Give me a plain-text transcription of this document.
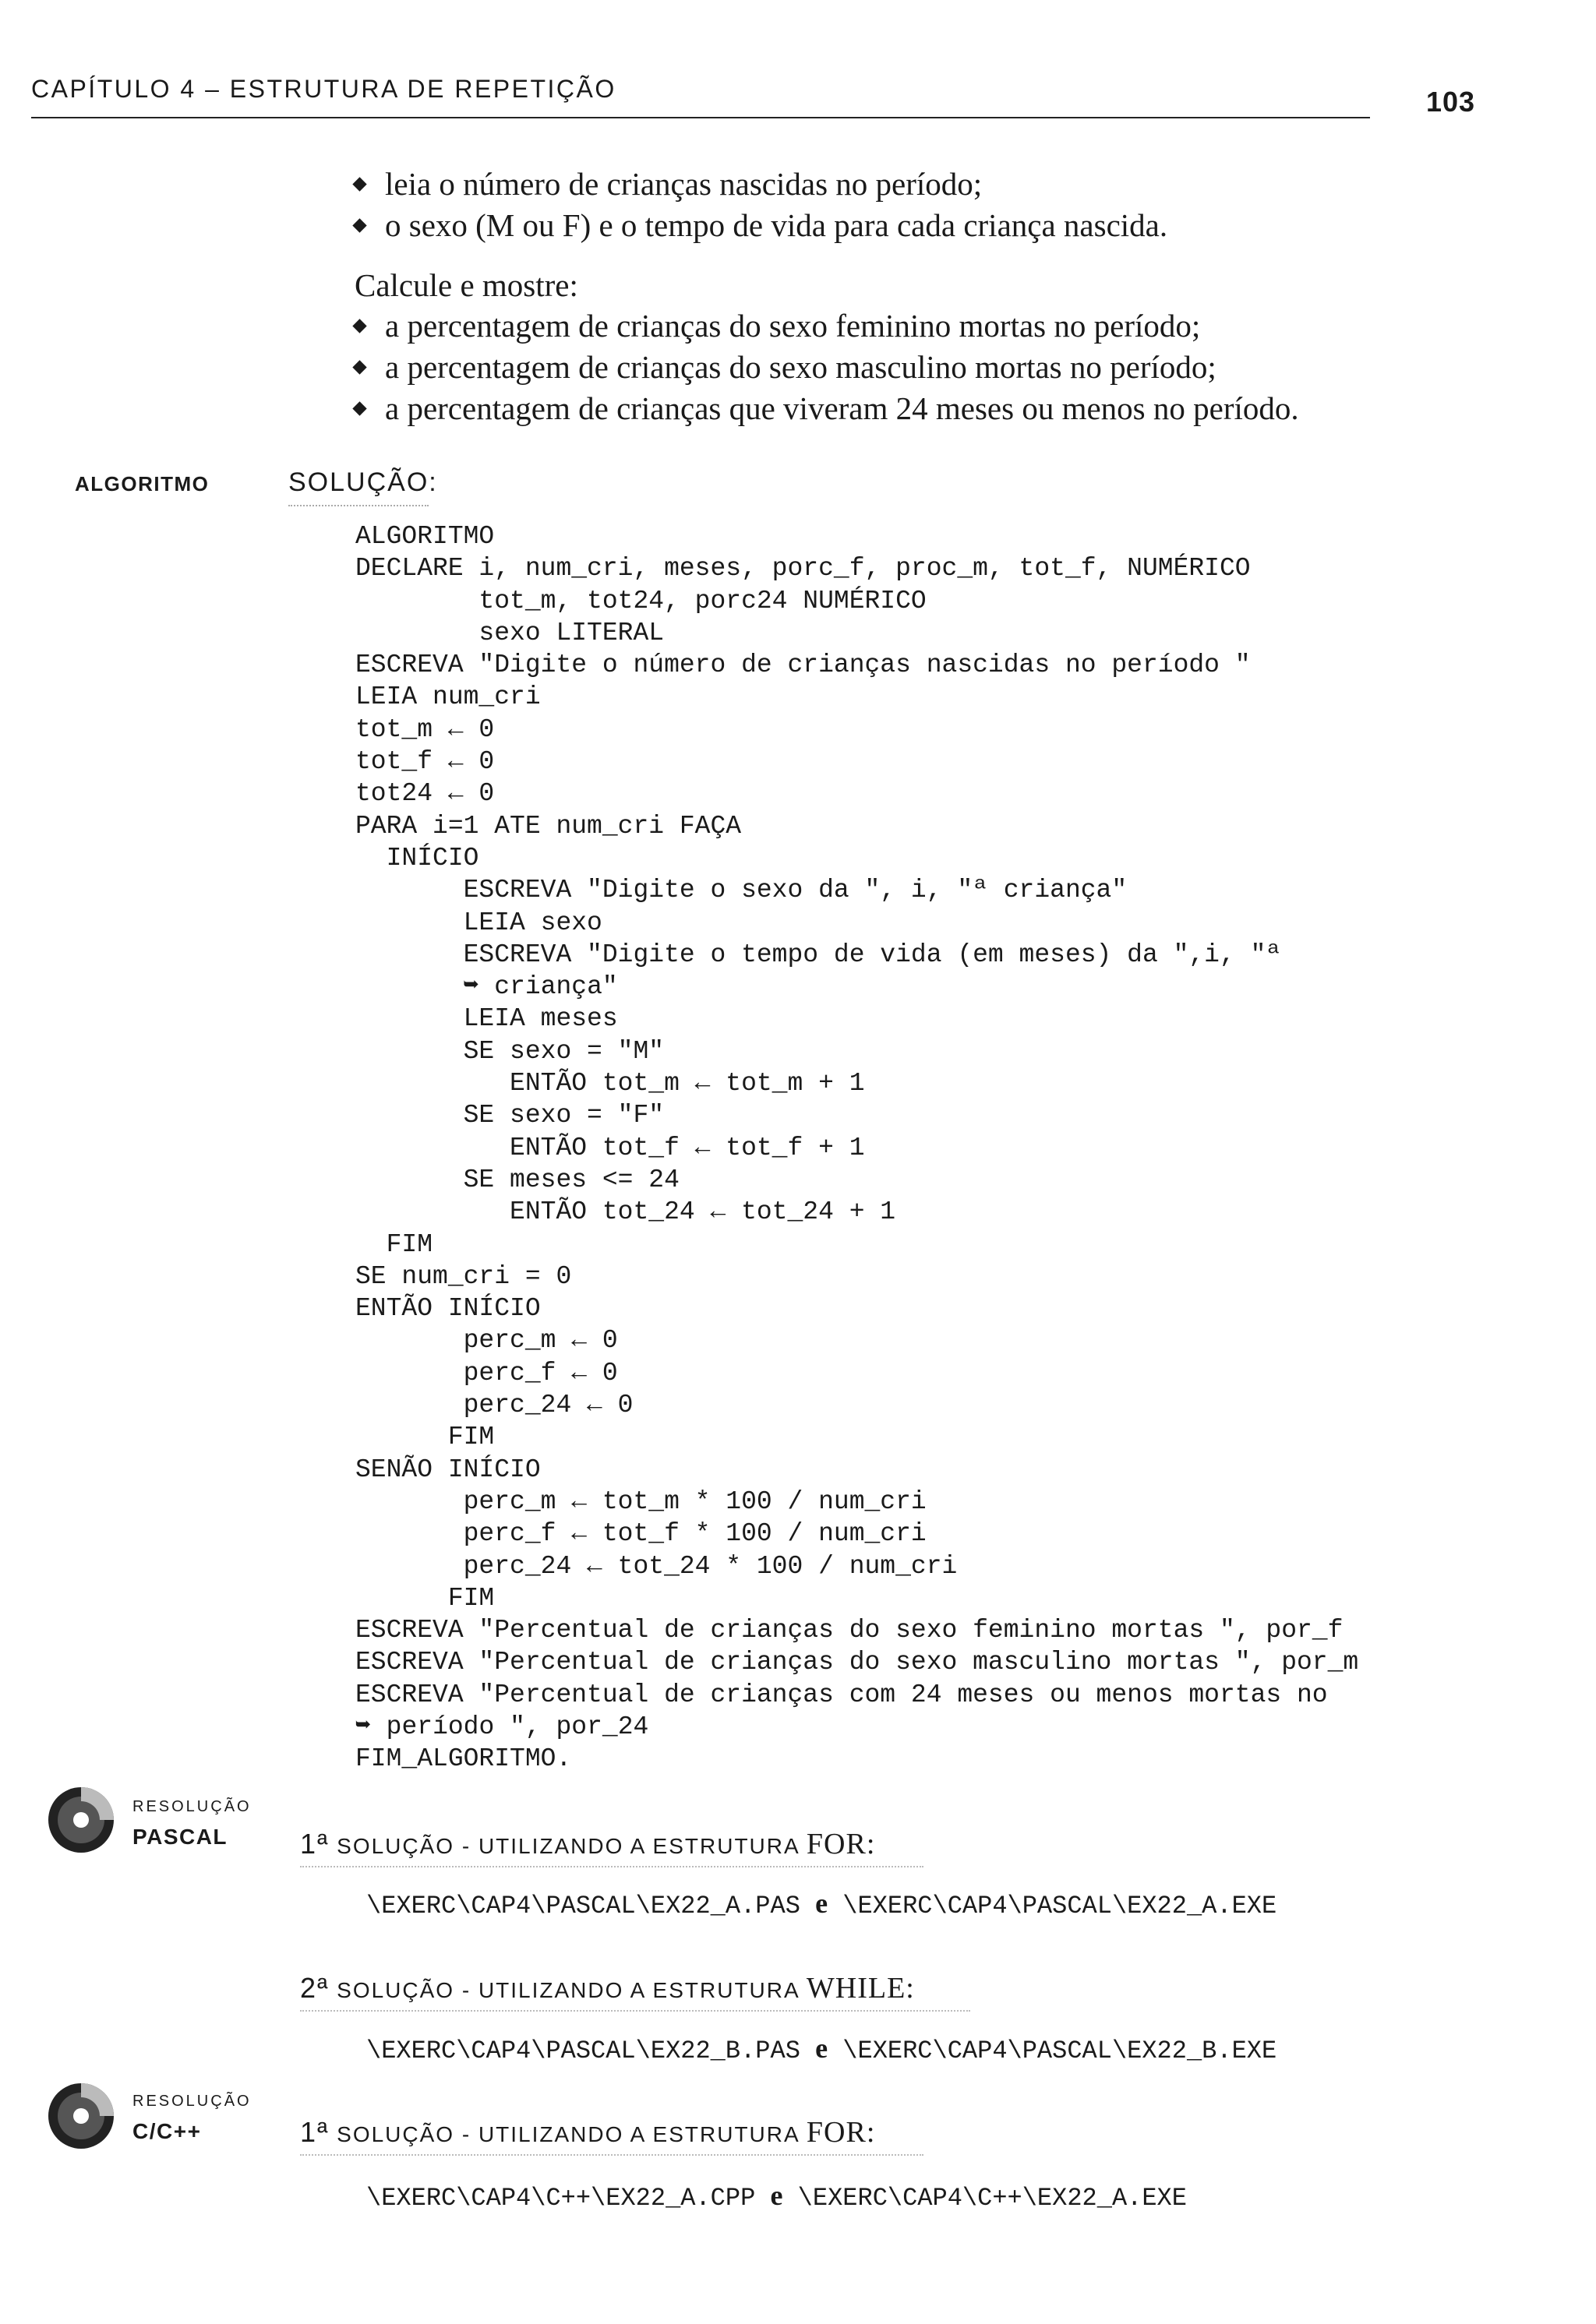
CAPÍTULO 4 – ESTRUTURA DE REPETIÇÃO	103
leia o número de crianças nascidas no período;
o sexo (M ou F) e o tempo de vida para cada criança nascida.
Calcule e mostre:
a percentagem de crianças do sexo feminino mortas no período;
a percentagem de crianças do sexo masculino mortas no período;
a percentagem de crianças que viveram 24 meses ou menos no período.
ALGORITMO	SOLUÇÃO:
ALGORITMO
DECLARE i, num_cri, meses, porc_f, proc_m, tot_f, NUMÉRICO
tot_m, tot24, porc24 NUMÉRICO
sexo LITERAL
ESCREVA "Digite o número de crianças nascidas no período "
LEIA num_cri
tot_m ← 0
tot_f ← 0
tot24 ← 0
PARA i=1 ATE num_cri FAÇA
INÍCIO
ESCREVA "Digite o sexo da ", i, "ª criança"
LEIA sexo
ESCREVA "Digite o tempo de vida (em meses) da ",i, "ª
➥ criança"
LEIA meses
SE sexo = "M"
ENTÃO tot_m ← tot_m + 1
SE sexo = "F"
ENTÃO tot_f ← tot_f + 1
SE meses <= 24
ENTÃO tot_24 ← tot_24 + 1
FIM
SE num_cri = 0
ENTÃO INÍCIO
perc_m ← 0
perc_f ← 0
perc_24 ← 0
FIM
SENÃO INÍCIO
perc_m ← tot_m * 100 / num_cri
perc_f ← tot_f * 100 / num_cri
perc_24 ← tot_24 * 100 / num_cri
FIM
ESCREVA "Percentual de crianças do sexo feminino mortas ", por_f
ESCREVA "Percentual de crianças do sexo masculino mortas ", por_m
ESCREVA "Percentual de crianças com 24 meses ou menos mortas no
➥ período ", por_24
FIM_ALGORITMO.
RESOLUÇÃO
PASCAL	1ª SOLUÇÃO - UTILIZANDO A ESTRUTURA FOR:
\EXERC\CAP4\PASCAL\EX22_A.PAS e \EXERC\CAP4\PASCAL\EX22_A.EXE
2ª SOLUÇÃO - UTILIZANDO A ESTRUTURA WHILE:
\EXERC\CAP4\PASCAL\EX22_B.PAS e \EXERC\CAP4\PASCAL\EX22_B.EXE
RESOLUÇÃO
C/C++	1ª SOLUÇÃO - UTILIZANDO A ESTRUTURA FOR:
\EXERC\CAP4\C++\EX22_A.CPP e \EXERC\CAP4\C++\EX22_A.EXE
